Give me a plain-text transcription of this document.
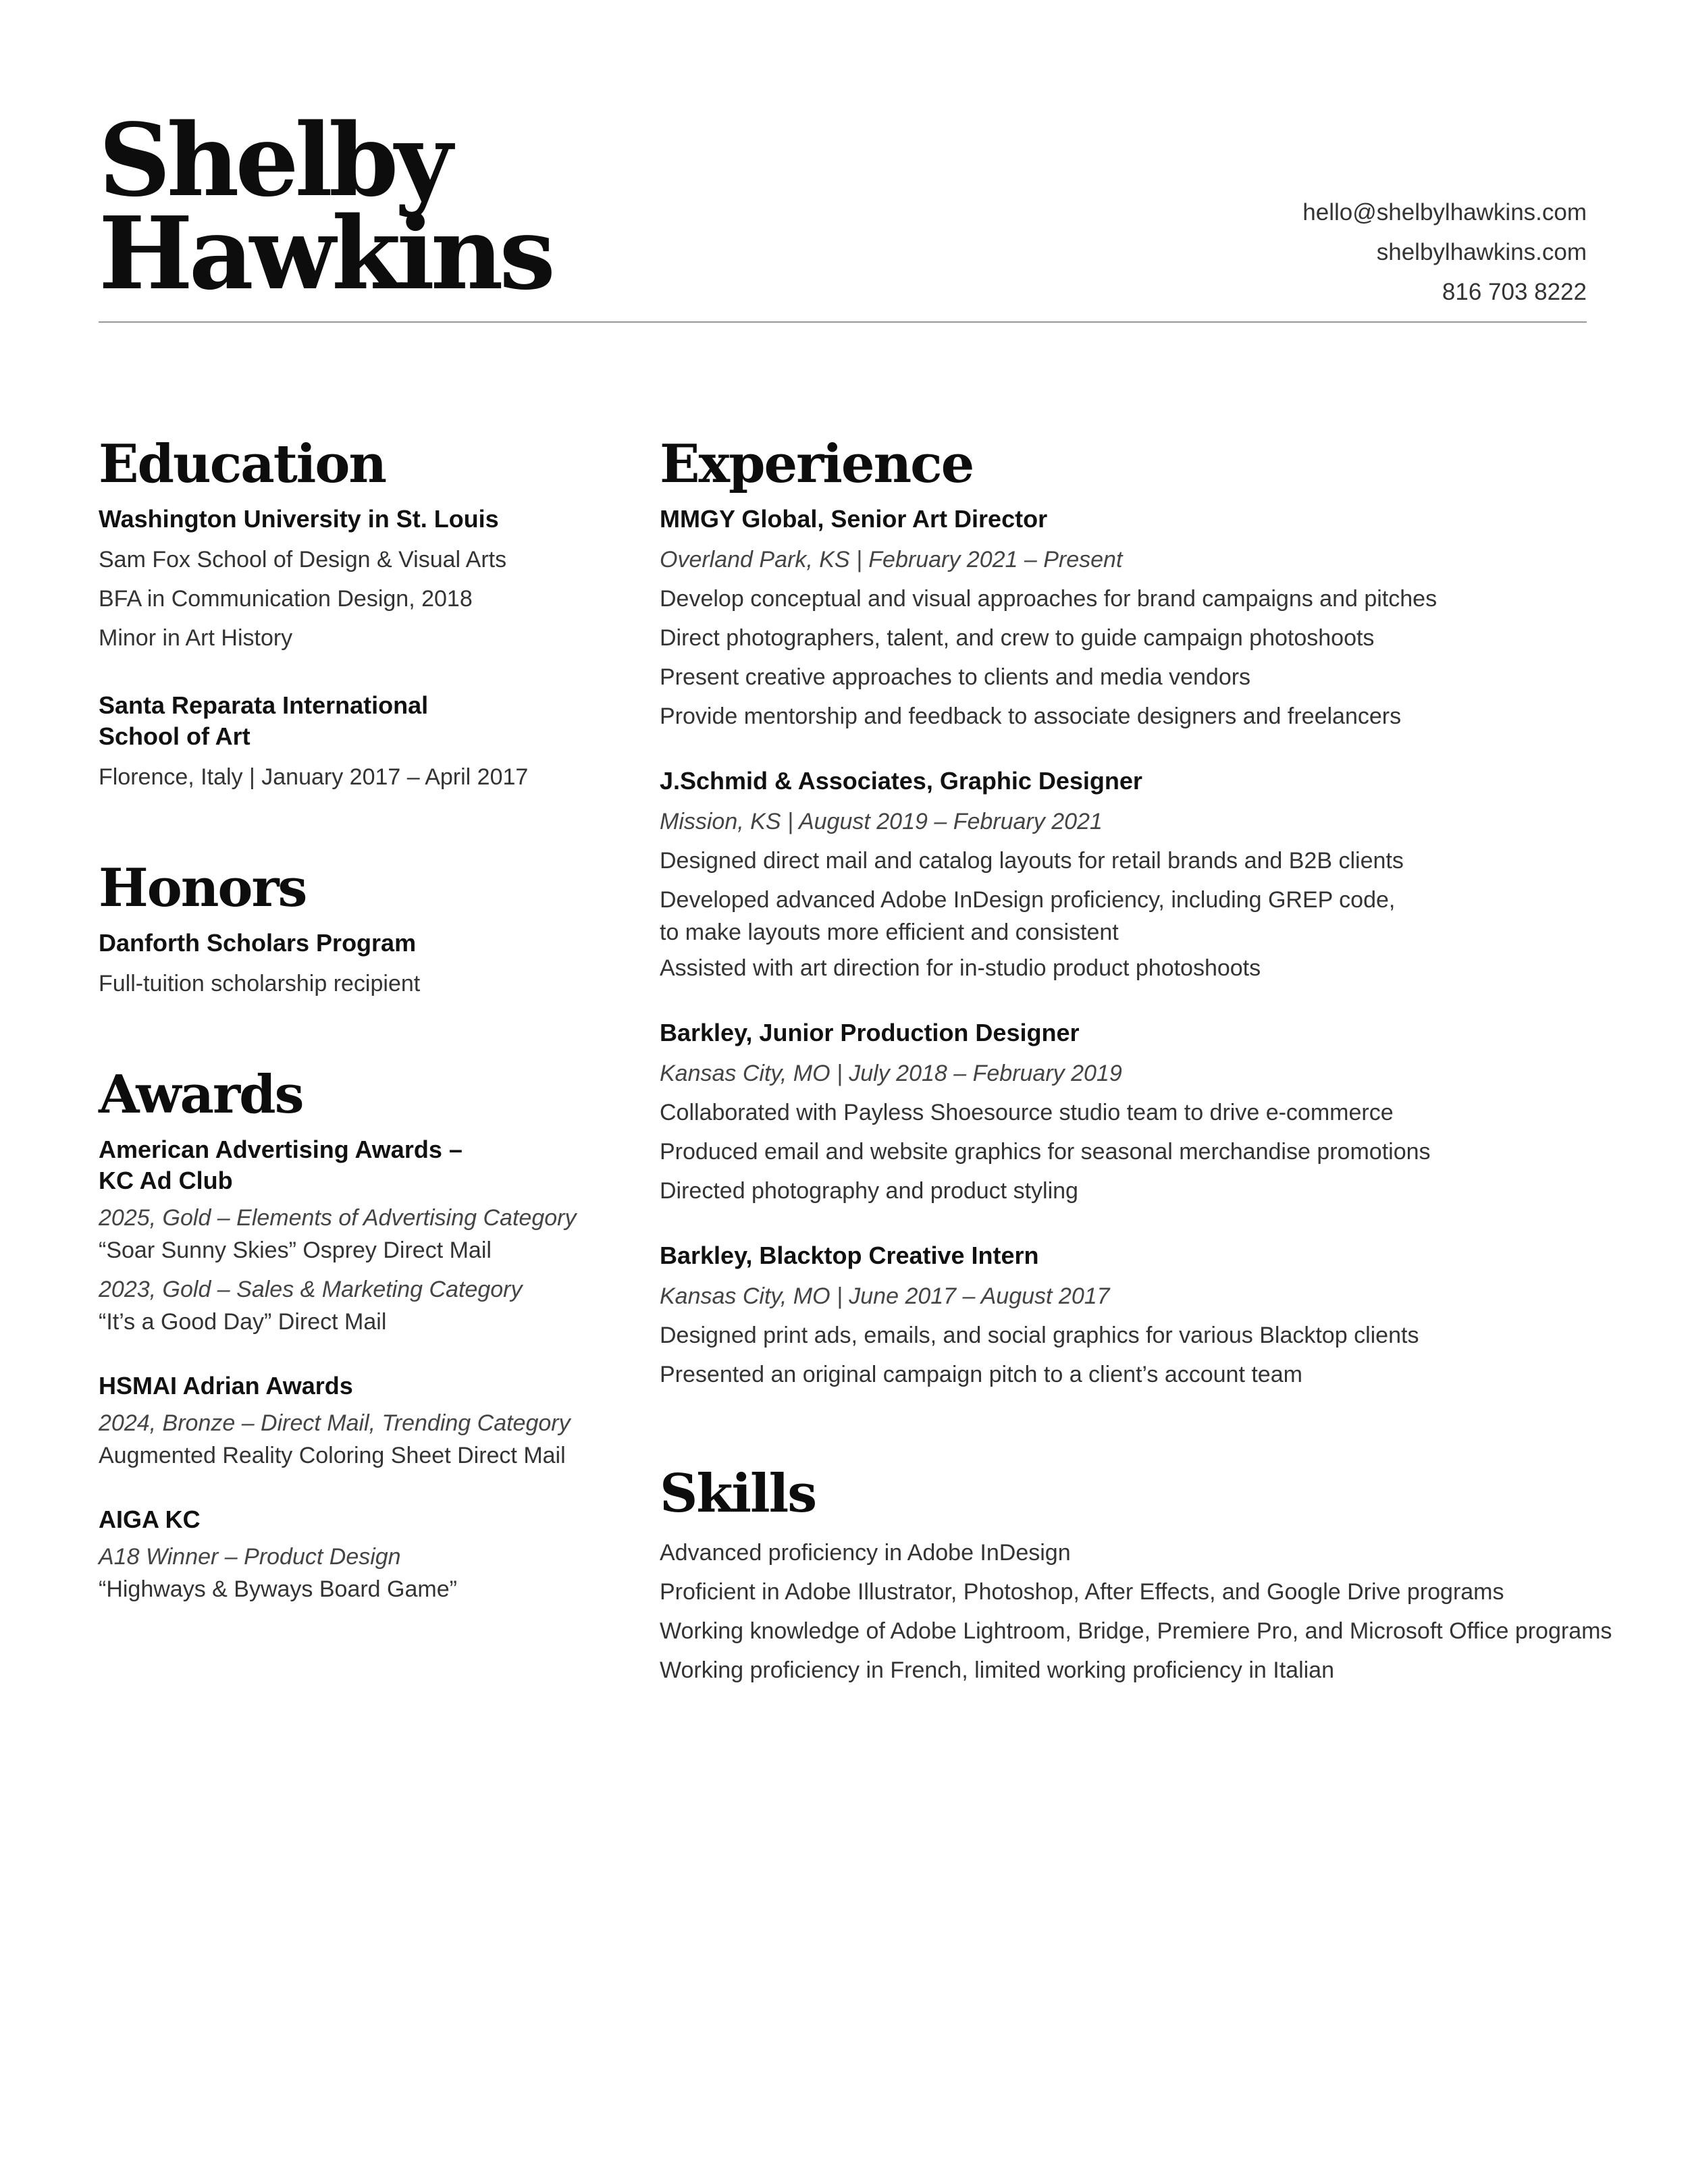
Shelby
Hawkins	hello@shelbylhawkins.com
shelbylhawkins.com
816 703 8222
Education

Washington University in St. Louis

Sam Fox School of Design & Visual Arts

BFA in Communication Design, 2018

Minor in Art History

Santa Reparata International

School of Art

Florence, Italy | January 2017 – April 2017

Honors

Danforth Scholars Program

Full-tuition scholarship recipient

Awards

American Advertising Awards –

KC Ad Club

2025, Gold – Elements of Advertising Category

“Soar Sunny Skies” Osprey Direct Mail

2023, Gold – Sales & Marketing Category

“It’s a Good Day” Direct Mail

HSMAI Adrian Awards

2024, Bronze – Direct Mail, Trending Category

Augmented Reality Coloring Sheet Direct Mail

AIGA KC

A18 Winner – Product Design

“Highways & Byways Board Game”

Experience

MMGY Global, Senior Art Director

Overland Park, KS | February 2021 – Present

Develop conceptual and visual approaches for brand campaigns and pitches

Direct photographers, talent, and crew to guide campaign photoshoots

Present creative approaches to clients and media vendors

Provide mentorship and feedback to associate designers and freelancers

J.Schmid & Associates, Graphic Designer

Mission, KS | August 2019 – February 2021

Designed direct mail and catalog layouts for retail brands and B2B clients

Developed advanced Adobe InDesign proficiency, including GREP code,

to make layouts more efficient and consistent

Assisted with art direction for in-studio product photoshoots

Barkley, Junior Production Designer

Kansas City, MO | July 2018 – February 2019

Collaborated with Payless Shoesource studio team to drive e-commerce

Produced email and website graphics for seasonal merchandise promotions

Directed photography and product styling

Barkley, Blacktop Creative Intern

Kansas City, MO | June 2017 – August 2017

Designed print ads, emails, and social graphics for various Blacktop clients

Presented an original campaign pitch to a client’s account team

Skills

Advanced proficiency in Adobe InDesign

Proficient in Adobe Illustrator, Photoshop, After Effects, and Google Drive programs

Working knowledge of Adobe Lightroom, Bridge, Premiere Pro, and Microsoft Office programs

Working proficiency in French, limited working proficiency in Italian
